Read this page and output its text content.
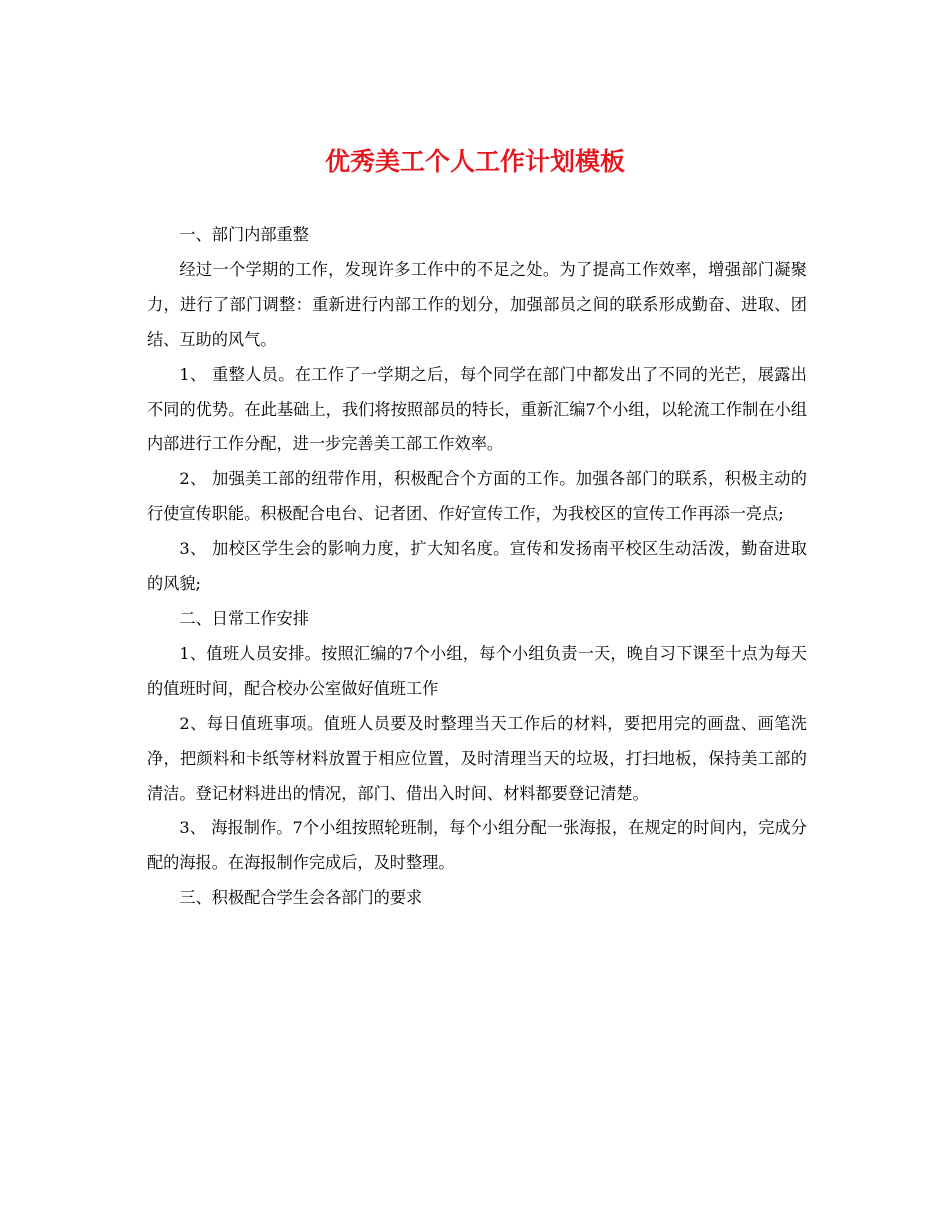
优秀美工个人工作计划模板

一、部门内部重整

经过一个学期的工作，发现许多工作中的不足之处。为了提高工作效率，增强部门凝聚力，进行了部门调整：重新进行内部工作的划分，加强部员之间的联系形成勤奋、进取、团结、互助的风气。

1、 重整人员。在工作了一学期之后，每个同学在部门中都发出了不同的光芒，展露出不同的优势。在此基础上，我们将按照部员的特长，重新汇编7个小组，以轮流工作制在小组内部进行工作分配，进一步完善美工部工作效率。

2、 加强美工部的纽带作用，积极配合个方面的工作。加强各部门的联系，积极主动的行使宣传职能。积极配合电台、记者团、作好宣传工作，为我校区的宣传工作再添一亮点;

3、 加校区学生会的影响力度，扩大知名度。宣传和发扬南平校区生动活泼，勤奋进取的风貌;

二、日常工作安排

1、值班人员安排。按照汇编的7个小组，每个小组负责一天，晚自习下课至十点为每天的值班时间，配合校办公室做好值班工作

2、每日值班事项。值班人员要及时整理当天工作后的材料，要把用完的画盘、画笔洗净，把颜料和卡纸等材料放置于相应位置，及时清理当天的垃圾，打扫地板，保持美工部的清洁。登记材料进出的情况，部门、借出入时间、材料都要登记清楚。

3、 海报制作。7个小组按照轮班制，每个小组分配一张海报，在规定的时间内，完成分配的海报。在海报制作完成后，及时整理。

三、积极配合学生会各部门的要求
